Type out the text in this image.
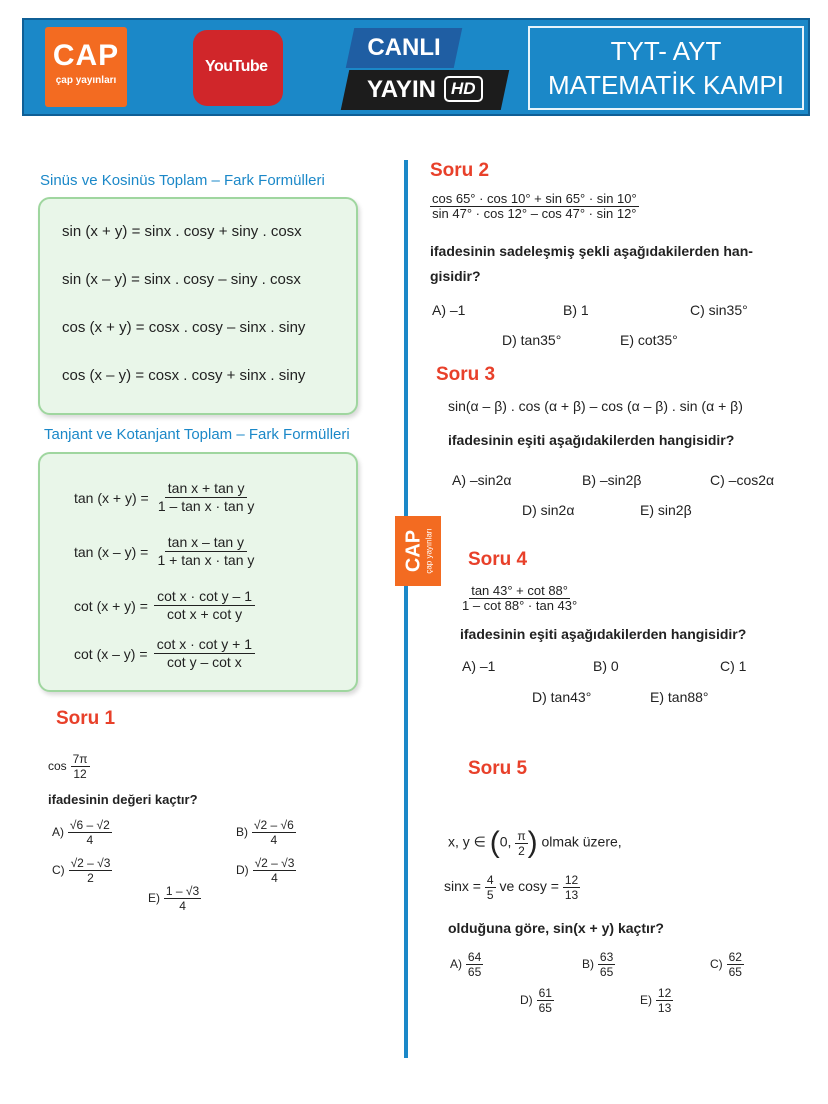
CAP
çap yayınları
YouTube
CANLI
YAYIN HD
TYT- AYT
MATEMATİK KAMPI
CAP çap yayınları
Sinüs ve Kosinüs Toplam – Fark Formülleri
sin (x + y) = sinx . cosy + siny . cosx
sin (x – y) = sinx . cosy – siny . cosx
cos (x + y) = cosx . cosy – sinx . siny
cos (x – y) = cosx . cosy + sinx . siny
Tanjant ve Kotanjant Toplam – Fark Formülleri
$\tan (x + y) = \frac{\text{tan x + tan y}}{\text{1 – tan x · tan y}}$
$\tan (x - y) = \frac{\text{tan x – tan y}}{\text{1 + tan x · tan y}}$
$\cot (x + y) = \frac{\text{cot x · cot y – 1}}{\text{cot x + cot y}}$
$\cot (x - y) = \frac{\text{cot x · cot y + 1}}{\text{cot y – cot x}}$
Soru 1
$\cos \frac{7\pi}{12}$
ifadesinin değeri kaçtır?
$A) \frac{√6 - √2}{4}$	$B) \frac{√2 - √6}{4}$
$C) \frac{√2 - √3}{2}$	$D) \frac{√2 - √3}{4}$
$E) \frac{1 - √3}{4}$
Soru 2
$\frac{\cos 65^\circ \cdot \cos 10^\circ + \sin 65^\circ \cdot \sin 10^\circ}{\sin 47^\circ \cdot \cos 12^\circ - \cos 47^\circ \cdot \sin 12^\circ}$
ifadesinin sadeleşmiş şekli aşağıdakilerden han-
gisidir?
A) –1	B) 1	C) sin35°
D) tan35°	E) cot35°
Soru 3
sin(α – β) . cos (α + β) – cos (α – β) . sin (α + β)
ifadesinin eşiti aşağıdakilerden hangisidir?
A) –sin2α	B) –sin2β	C) –cos2α
D) sin2α	E) sin2β
Soru 4
$\frac{\tan 43^\circ + \cot 88^\circ}{1 - \cot 88^\circ \cdot \tan 43^\circ}$
ifadesinin eşiti aşağıdakilerden hangisidir?
A) –1	B) 0	C) 1
D) tan43°	E) tan88°
Soru 5
x, y ∈ (0, $\frac{\pi}{2}$ ) olmak üzere,
$\sin x = \frac{4}{5}$ ve $\cos y = \frac{12}{13}$
olduğuna göre, sin(x + y) kaçtır?
$A) \frac{64}{65}$	$B) \frac{63}{65}$	$C) \frac{62}{65}$
$D) \frac{61}{65}$	$E) \frac{12}{13}$
